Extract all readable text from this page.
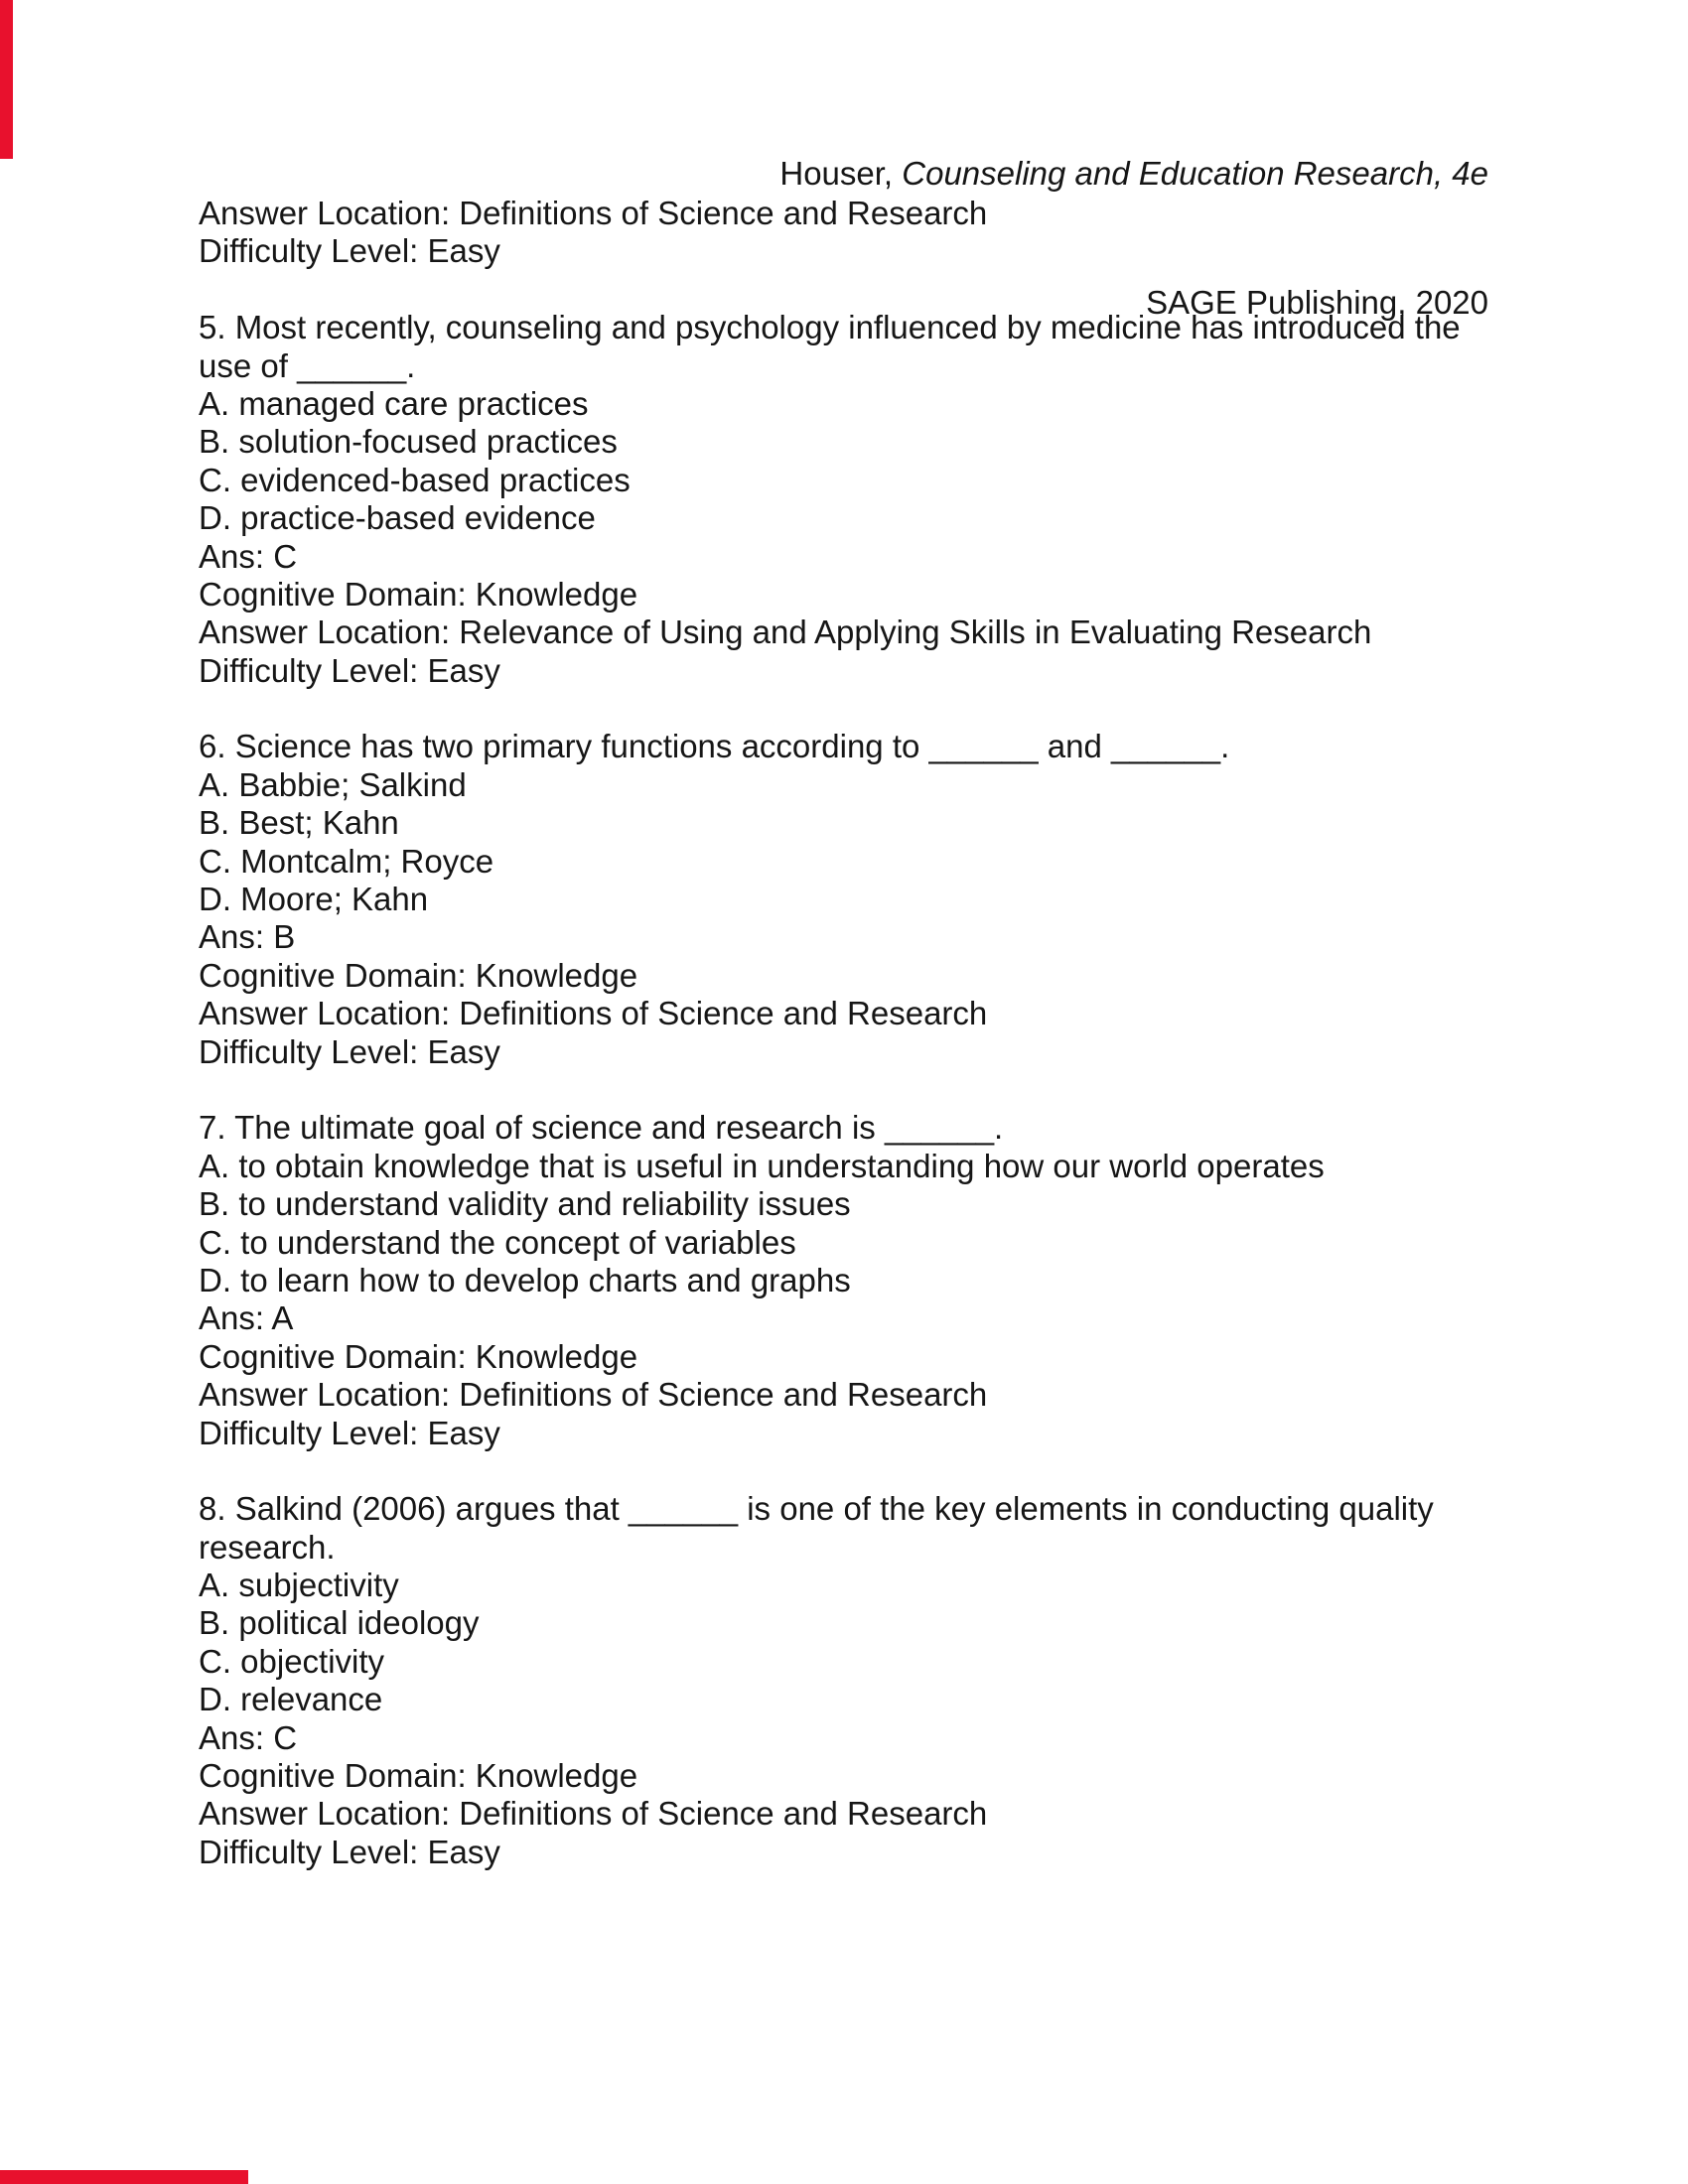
Houser, Counseling and Education Research, 4e

SAGE Publishing, 2020

Answer Location: Definitions of Science and Research
Difficulty Level: Easy
5. Most recently, counseling and psychology influenced by medicine has introduced the
use of ______.
A. managed care practices
B. solution-focused practices
C. evidenced-based practices
D. practice-based evidence
Ans: C
Cognitive Domain: Knowledge
Answer Location: Relevance of Using and Applying Skills in Evaluating Research
Difficulty Level: Easy
6. Science has two primary functions according to ______ and ______.
A. Babbie; Salkind
B. Best; Kahn
C. Montcalm; Royce
D. Moore; Kahn
Ans: B
Cognitive Domain: Knowledge
Answer Location: Definitions of Science and Research
Difficulty Level: Easy
7. The ultimate goal of science and research is ______.
A. to obtain knowledge that is useful in understanding how our world operates
B. to understand validity and reliability issues
C. to understand the concept of variables
D. to learn how to develop charts and graphs
Ans: A
Cognitive Domain: Knowledge
Answer Location: Definitions of Science and Research
Difficulty Level: Easy
8. Salkind (2006) argues that ______ is one of the key elements in conducting quality
research.
A. subjectivity
B. political ideology
C. objectivity
D. relevance
Ans: C
Cognitive Domain: Knowledge
Answer Location: Definitions of Science and Research
Difficulty Level: Easy
